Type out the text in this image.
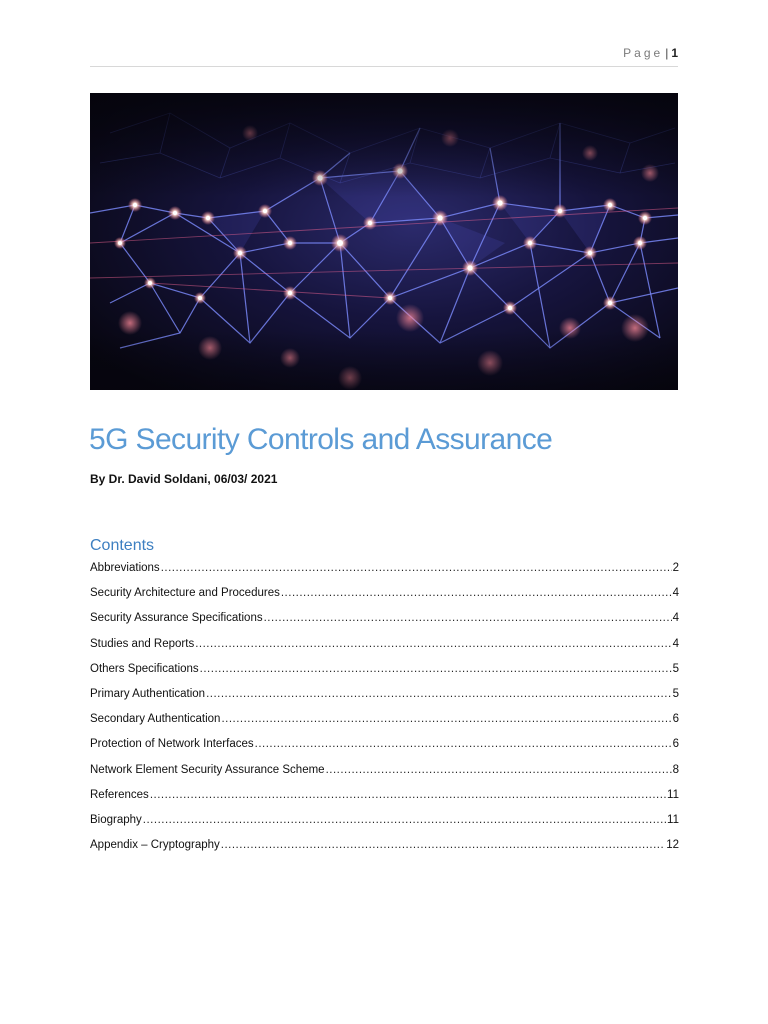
Page | 1
5G Security Controls and Assurance
By Dr. David Soldani, 06/03/ 2021
Contents
Abbreviations .....	2
Security Architecture and Procedures .....	4
Security Assurance Specifications .....	4
Studies and Reports .....	4
Others Specifications .....	5
Primary Authentication .....	5
Secondary Authentication .....	6
Protection of Network Interfaces .....	6
Network Element Security Assurance Scheme .....	8
References .....	11
Biography .....	11
Appendix – Cryptography .....	12
